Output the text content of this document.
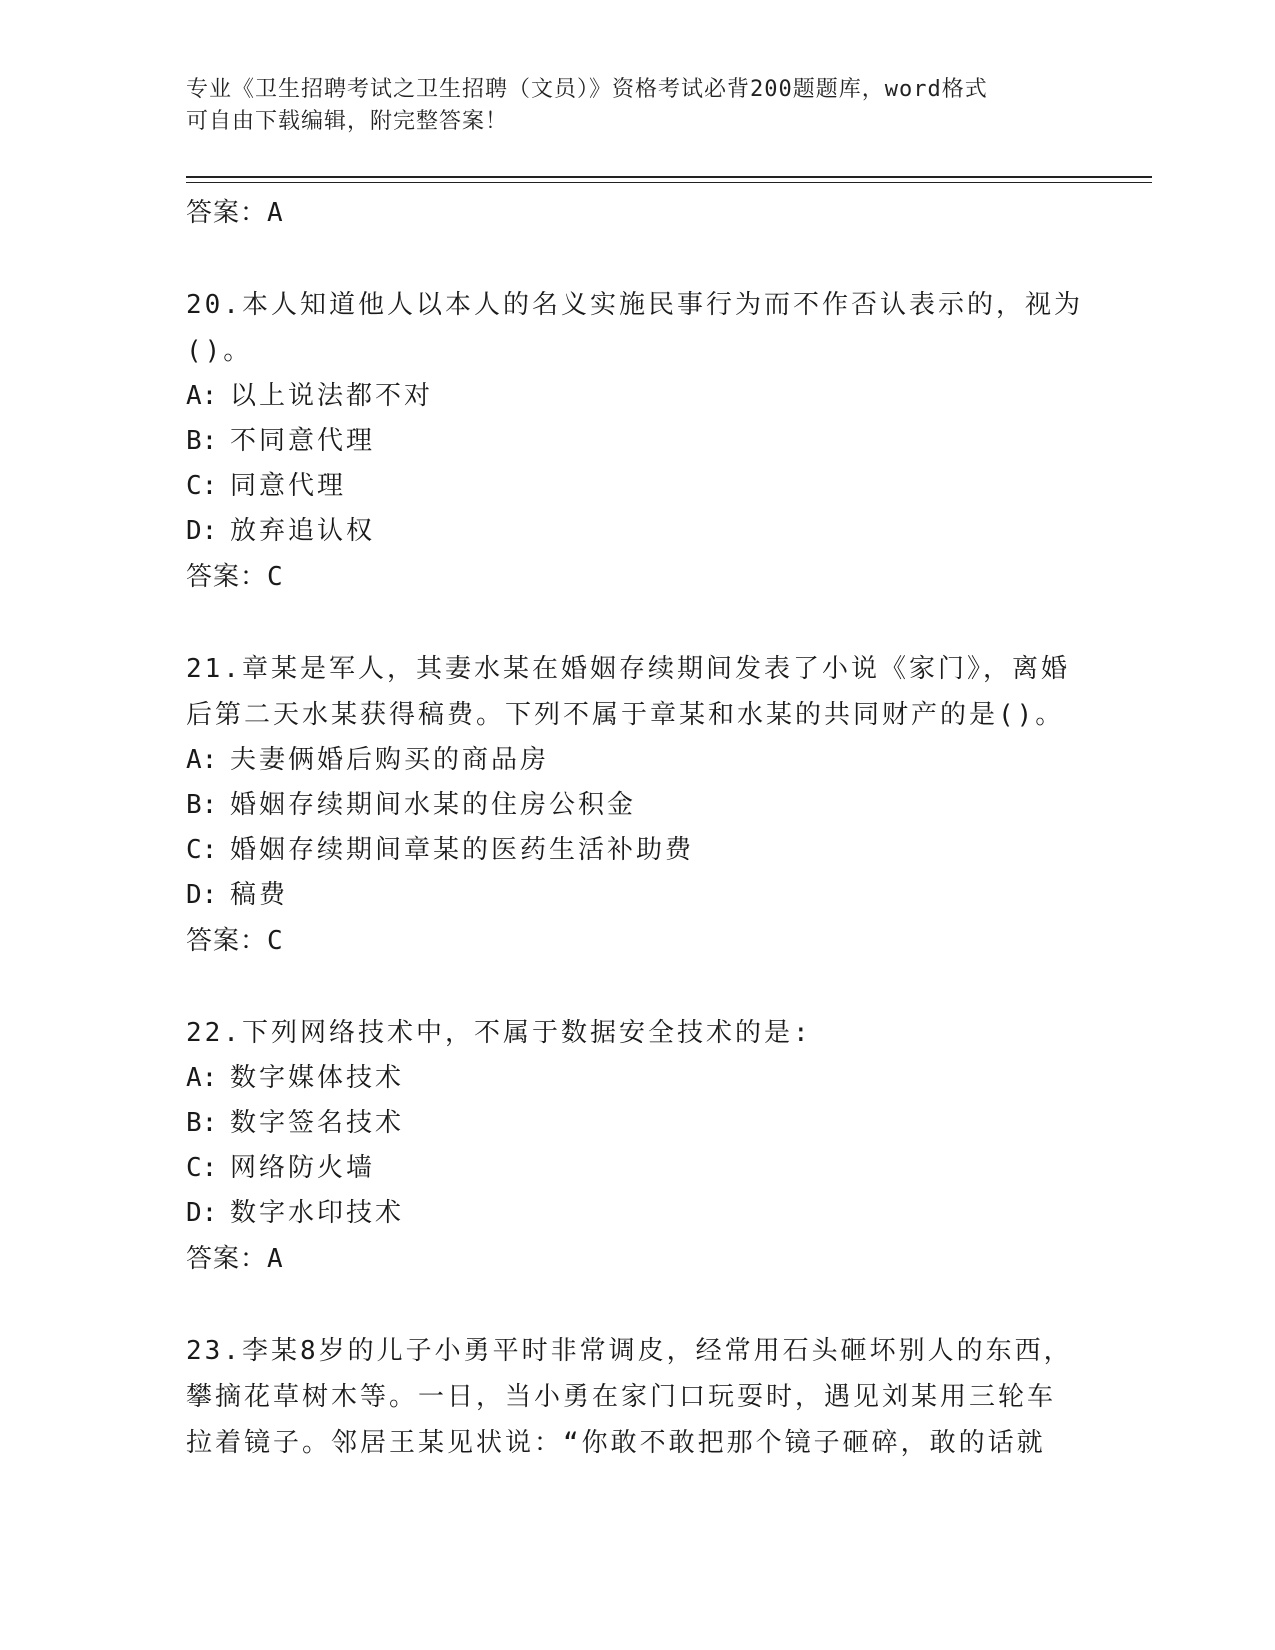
专业《卫生招聘考试之卫生招聘（文员）》资格考试必背200题题库，word格式
可自由下载编辑，附完整答案！
答案：A
20.本人知道他人以本人的名义实施民事行为而不作否认表示的，视为
()。
A: 以上说法都不对
B: 不同意代理
C: 同意代理
D: 放弃追认权
答案：C
21.章某是军人，其妻水某在婚姻存续期间发表了小说《家门》，离婚
后第二天水某获得稿费。下列不属于章某和水某的共同财产的是()。
A: 夫妻俩婚后购买的商品房
B: 婚姻存续期间水某的住房公积金
C: 婚姻存续期间章某的医药生活补助费
D: 稿费
答案：C
22.下列网络技术中，不属于数据安全技术的是:
A: 数字媒体技术
B: 数字签名技术
C: 网络防火墙
D: 数字水印技术
答案：A
23.李某8岁的儿子小勇平时非常调皮，经常用石头砸坏别人的东西，
攀摘花草树木等。一日，当小勇在家门口玩耍时，遇见刘某用三轮车
拉着镜子。邻居王某见状说：“你敢不敢把那个镜子砸碎，敢的话就
